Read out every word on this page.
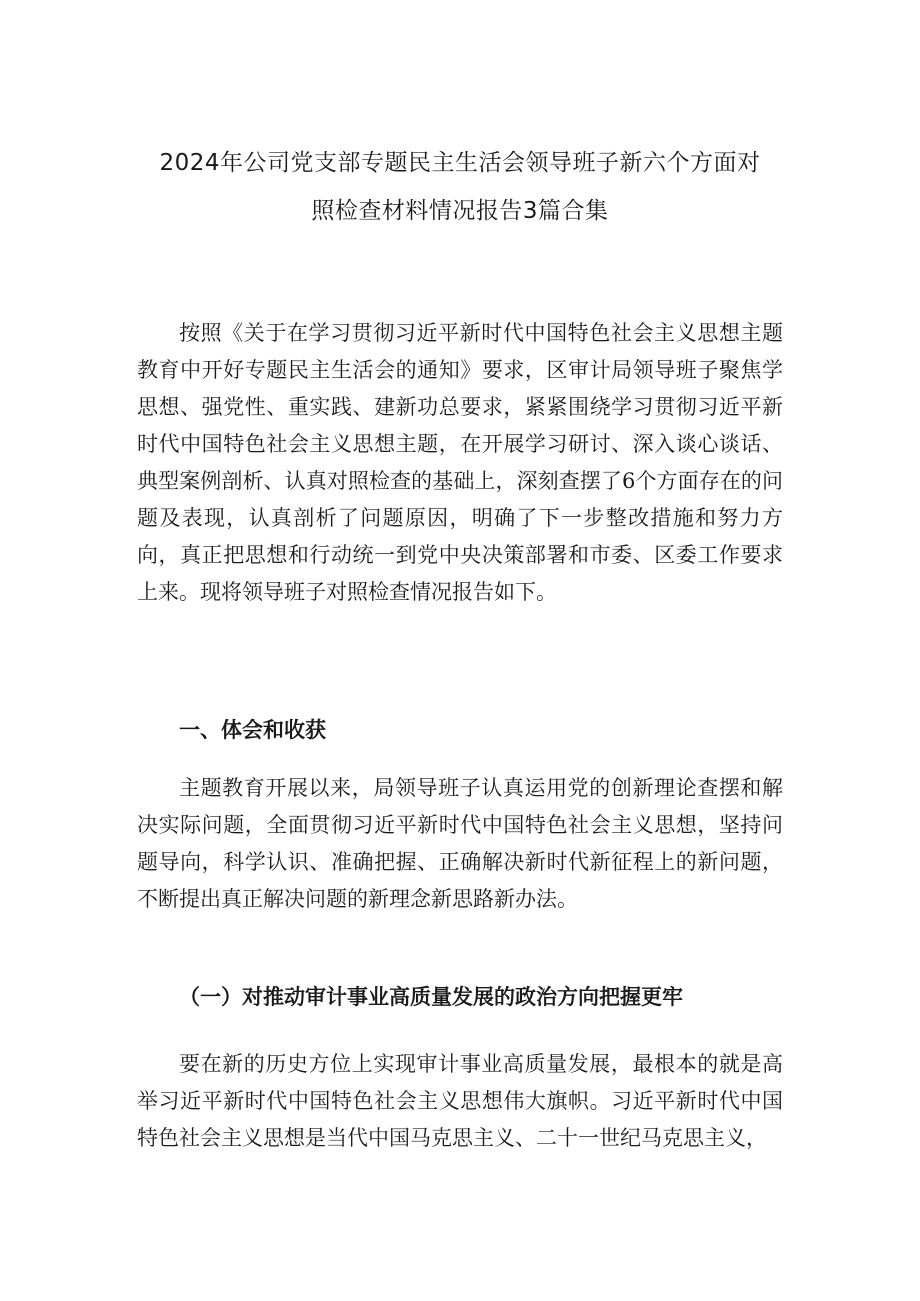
2024年公司党支部专题民主生活会领导班子新六个方面对
照检查材料情况报告3篇合集

按照《关于在学习贯彻习近平新时代中国特色社会主义思想主题教育中开好专题民主生活会的通知》要求，区审计局领导班子聚焦学思想、强党性、重实践、建新功总要求，紧紧围绕学习贯彻习近平新时代中国特色社会主义思想主题，在开展学习研讨、深入谈心谈话、典型案例剖析、认真对照检查的基础上，深刻查摆了6个方面存在的问题及表现，认真剖析了问题原因，明确了下一步整改措施和努力方向，真正把思想和行动统一到党中央决策部署和市委、区委工作要求上来。现将领导班子对照检查情况报告如下。

一、体会和收获

主题教育开展以来，局领导班子认真运用党的创新理论查摆和解决实际问题，全面贯彻习近平新时代中国特色社会主义思想，坚持问题导向，科学认识、准确把握、正确解决新时代新征程上的新问题，不断提出真正解决问题的新理念新思路新办法。

（一）对推动审计事业高质量发展的政治方向把握更牢

要在新的历史方位上实现审计事业高质量发展，最根本的就是高举习近平新时代中国特色社会主义思想伟大旗帜。习近平新时代中国特色社会主义思想是当代中国马克思主义、二十一世纪马克思主义，
